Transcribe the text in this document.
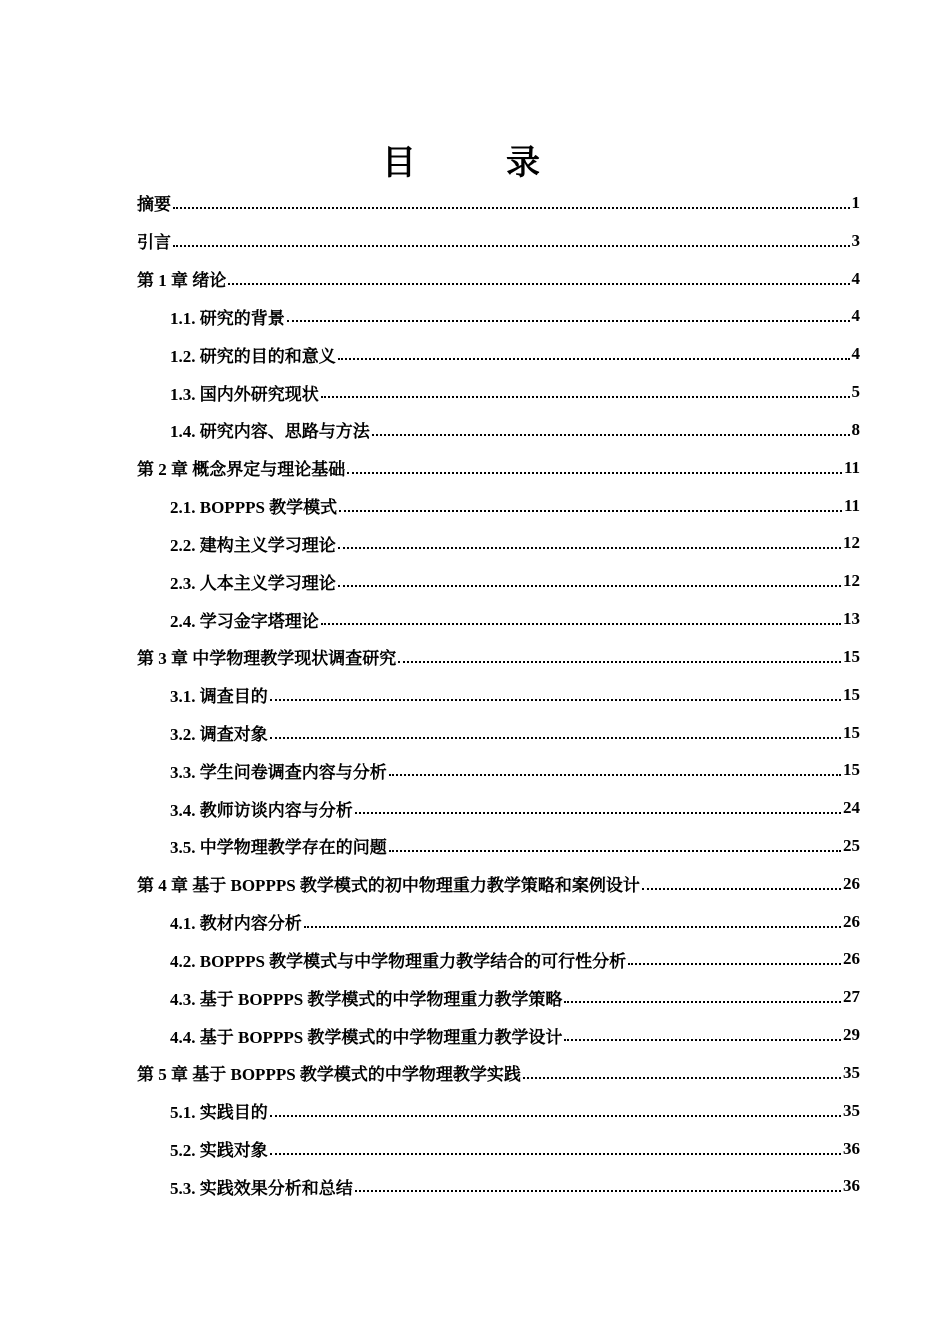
目　录
摘要	1
引言	3
第 1 章 绪论	4
1.1. 研究的背景	4
1.2. 研究的目的和意义	4
1.3. 国内外研究现状	5
1.4. 研究内容、思路与方法	8
第 2 章 概念界定与理论基础	11
2.1. BOPPPS 教学模式	11
2.2. 建构主义学习理论	12
2.3. 人本主义学习理论	12
2.4. 学习金字塔理论	13
第 3 章 中学物理教学现状调查研究	15
3.1. 调查目的	15
3.2. 调查对象	15
3.3. 学生问卷调查内容与分析	15
3.4. 教师访谈内容与分析	24
3.5. 中学物理教学存在的问题	25
第 4 章 基于 BOPPPS 教学模式的初中物理重力教学策略和案例设计	26
4.1. 教材内容分析	26
4.2. BOPPPS 教学模式与中学物理重力教学结合的可行性分析	26
4.3. 基于 BOPPPS 教学模式的中学物理重力教学策略	27
4.4. 基于 BOPPPS 教学模式的中学物理重力教学设计	29
第 5 章 基于 BOPPPS 教学模式的中学物理教学实践	35
5.1. 实践目的	35
5.2. 实践对象	36
5.3. 实践效果分析和总结	36
